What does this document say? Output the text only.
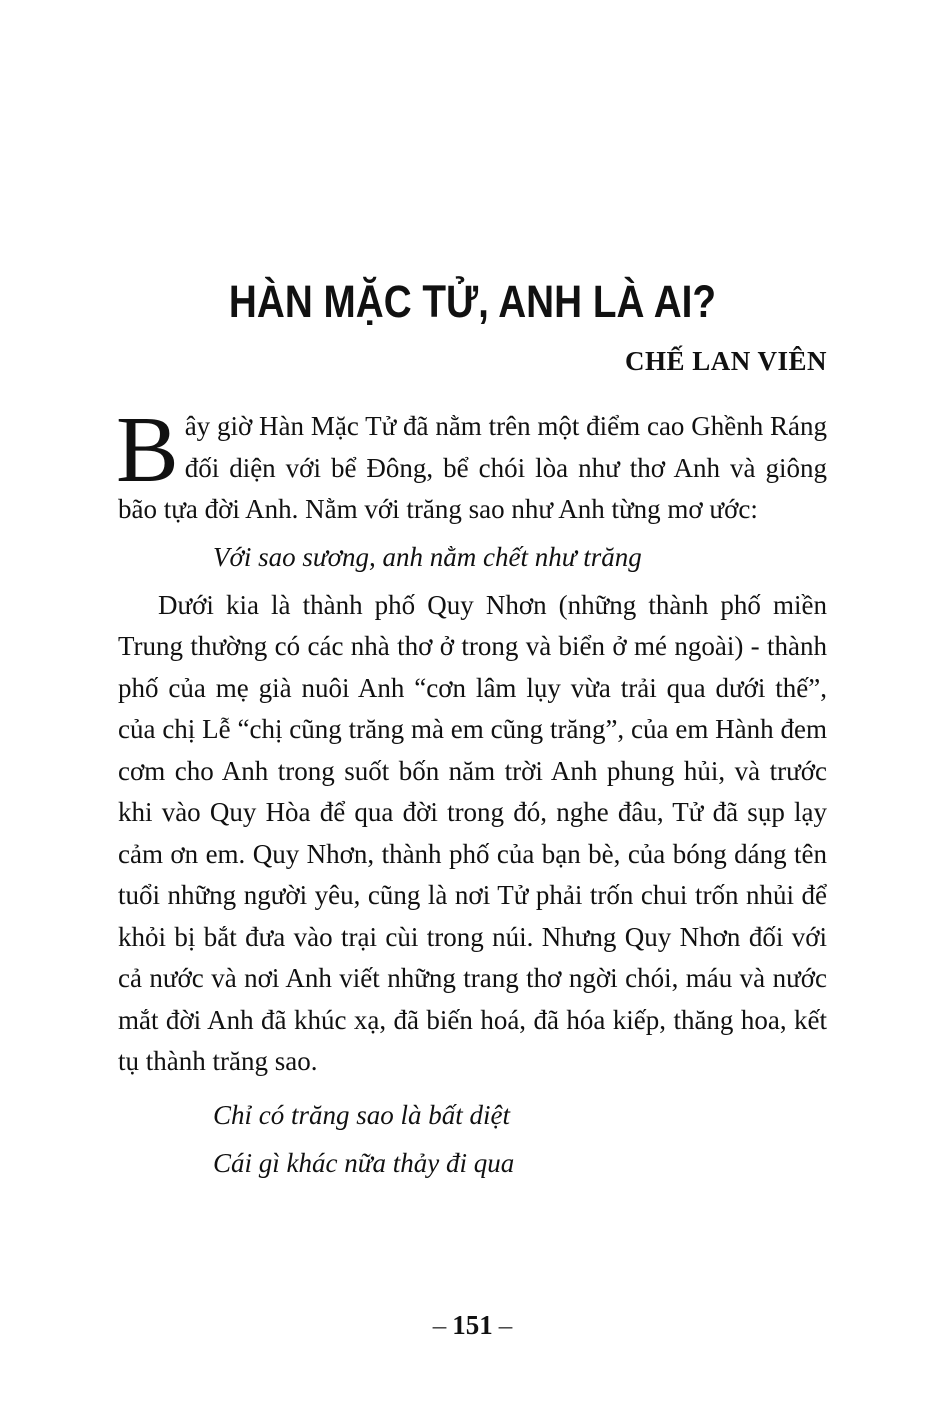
HÀN MẶC TỬ, ANH LÀ AI?

CHẾ LAN VIÊN

Bây giờ Hàn Mặc Tử đã nằm trên một điểm cao Ghềnh Ráng đối diện với bể Đông, bể chói lòa như thơ Anh và giông bão tựa đời Anh. Nằm với trăng sao như Anh từng mơ ước:

Với sao sương, anh nằm chết như trăng

Dưới kia là thành phố Quy Nhơn (những thành phố miền Trung thường có các nhà thơ ở trong và biển ở mé ngoài) - thành phố của mẹ già nuôi Anh “cơn lâm lụy vừa trải qua dưới thế”, của chị Lễ “chị cũng trăng mà em cũng trăng”, của em Hành đem cơm cho Anh trong suốt bốn năm trời Anh phung hủi, và trước khi vào Quy Hòa để qua đời trong đó, nghe đâu, Tử đã sụp lạy cảm ơn em. Quy Nhơn, thành phố của bạn bè, của bóng dáng tên tuổi những người yêu, cũng là nơi Tử phải trốn chui trốn nhủi để khỏi bị bắt đưa vào trại cùi trong núi. Nhưng Quy Nhơn đối với cả nước và nơi Anh viết những trang thơ ngời chói, máu và nước mắt đời Anh đã khúc xạ, đã biến hoá, đã hóa kiếp, thăng hoa, kết tụ thành trăng sao.

Chỉ có trăng sao là bất diệt

Cái gì khác nữa thảy đi qua

– 151 –
